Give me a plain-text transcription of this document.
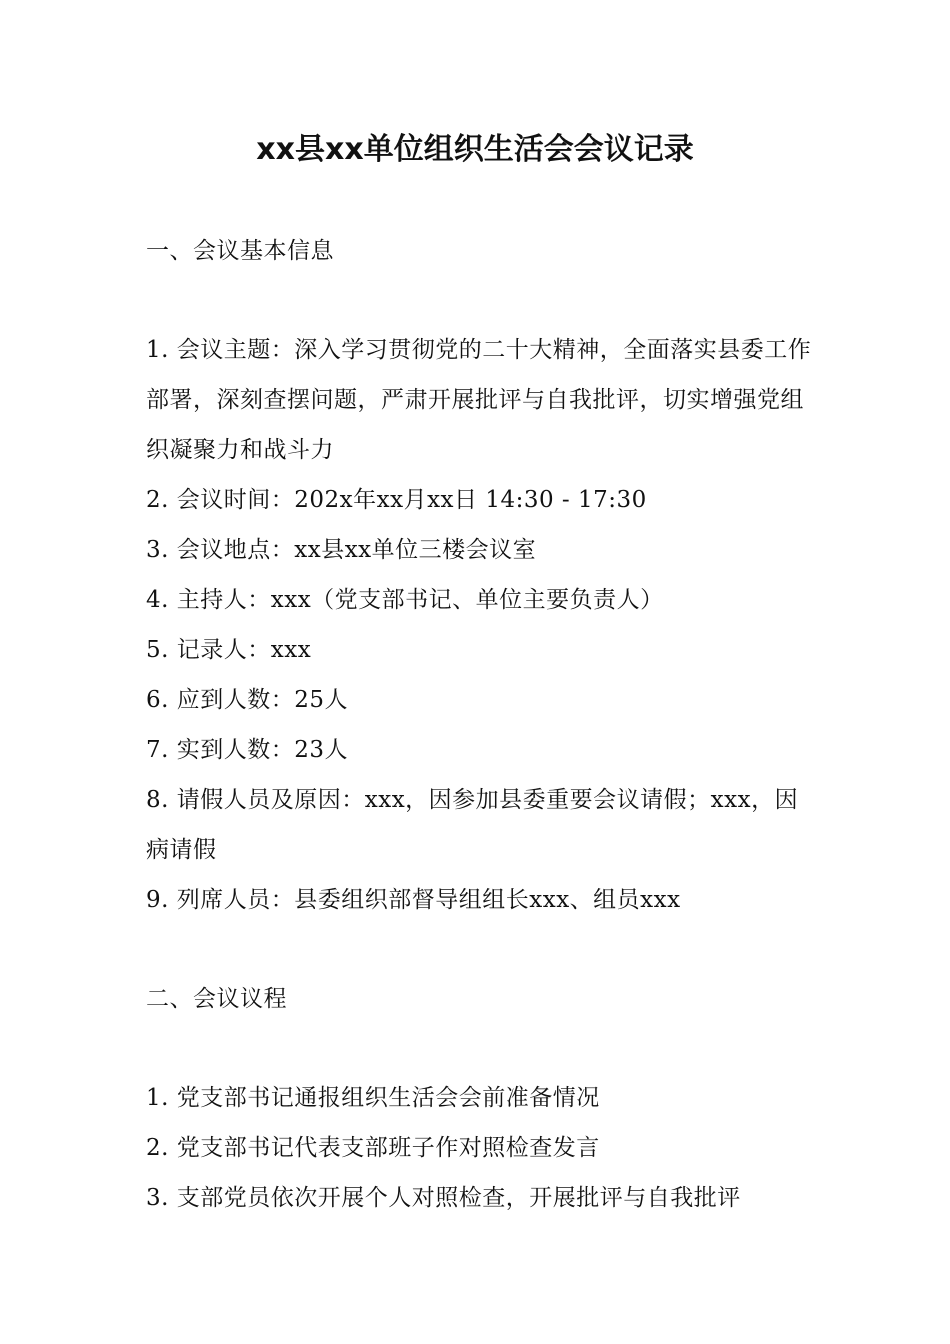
xx县xx单位组织生活会会议记录

一、会议基本信息

1. 会议主题：深入学习贯彻党的二十大精神，全面落实县委工作部署，深刻查摆问题，严肃开展批评与自我批评，切实增强党组织凝聚力和战斗力

2. 会议时间：202x年xx月xx日 14:30 - 17:30

3. 会议地点：xx县xx单位三楼会议室

4. 主持人：xxx（党支部书记、单位主要负责人）

5. 记录人：xxx

6. 应到人数：25人

7. 实到人数：23人

8. 请假人员及原因：xxx，因参加县委重要会议请假；xxx，因病请假

9. 列席人员：县委组织部督导组组长xxx、组员xxx

二、会议议程

1. 党支部书记通报组织生活会会前准备情况

2. 党支部书记代表支部班子作对照检查发言

3. 支部党员依次开展个人对照检查，开展批评与自我批评
